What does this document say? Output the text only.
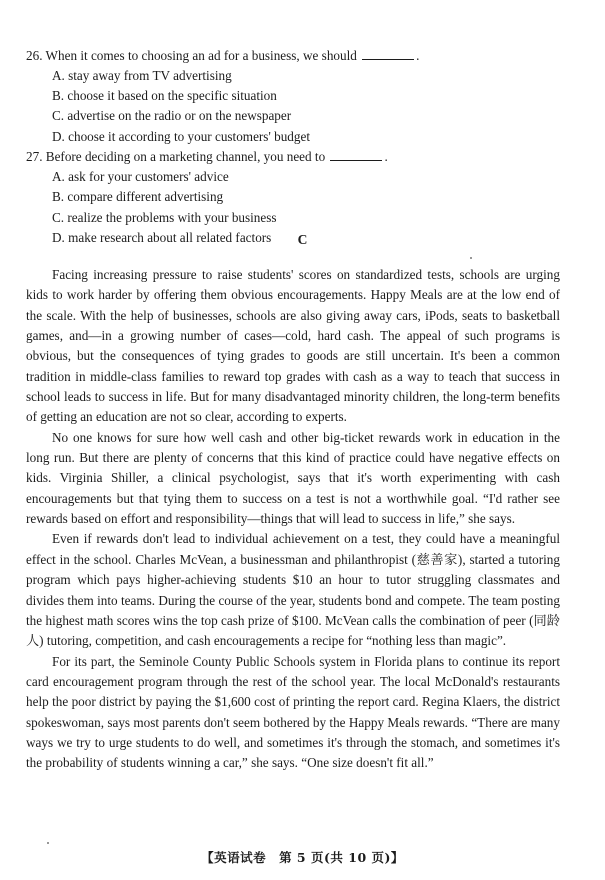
26. When it comes to choosing an ad for a business, we should	.
A. stay away from TV advertising
B. choose it based on the specific situation
C. advertise on the radio or on the newspaper
D. choose it according to your customers' budget
27. Before deciding on a marketing channel, you need to	.
A. ask for your customers' advice
B. compare different advertising
C. realize the problems with your business
D. make research about all related factors	C

Facing increasing pressure to raise students' scores on standardized tests, schools are urging kids to work harder by offering them obvious encouragements. Happy Meals are at the low end of the scale. With the help of businesses, schools are also giving away cars, iPods, seats to basketball games, and—in a growing number of cases—cold, hard cash. The appeal of such programs is obvious, but the consequences of tying grades to goods are still uncertain. It's been a common tradition in middle-class families to reward top grades with cash as a way to teach that success in school leads to success in life. But for many disadvantaged minority children, the long-term benefits of getting an education are not so clear, according to experts.

No one knows for sure how well cash and other big-ticket rewards work in education in the long run. But there are plenty of concerns that this kind of practice could have negative effects on kids. Virginia Shiller, a clinical psychologist, says that it's worth experimenting with cash encouragements but that tying them to success on a test is not a worthwhile goal. “I'd rather see rewards based on effort and responsibility—things that will lead to success in life,” she says.

Even if rewards don't lead to individual achievement on a test, they could have a meaningful effect in the school. Charles McVean, a businessman and philanthropist (慈善家), started a tutoring program which pays higher-achieving students $10 an hour to tutor struggling classmates and divides them into teams. During the course of the year, students bond and compete. The team posting the highest math scores wins the top cash prize of $100. McVean calls the combination of peer (同龄人) tutoring, competition, and cash encouragements a recipe for “nothing less than magic”.

For its part, the Seminole County Public Schools system in Florida plans to continue its report card encouragement program through the rest of the school year. The local McDonald's restaurants help the poor district by paying the $1,600 cost of printing the report card. Regina Klaers, the district spokeswoman, says most parents don't seem bothered by the Happy Meals rewards. “There are many ways we try to urge students to do well, and sometimes it's through the stomach, and sometimes it's the probability of students winning a car,” she says. “One size doesn't fit all.”

【英语试卷　第 5 页(共 10 页)】
